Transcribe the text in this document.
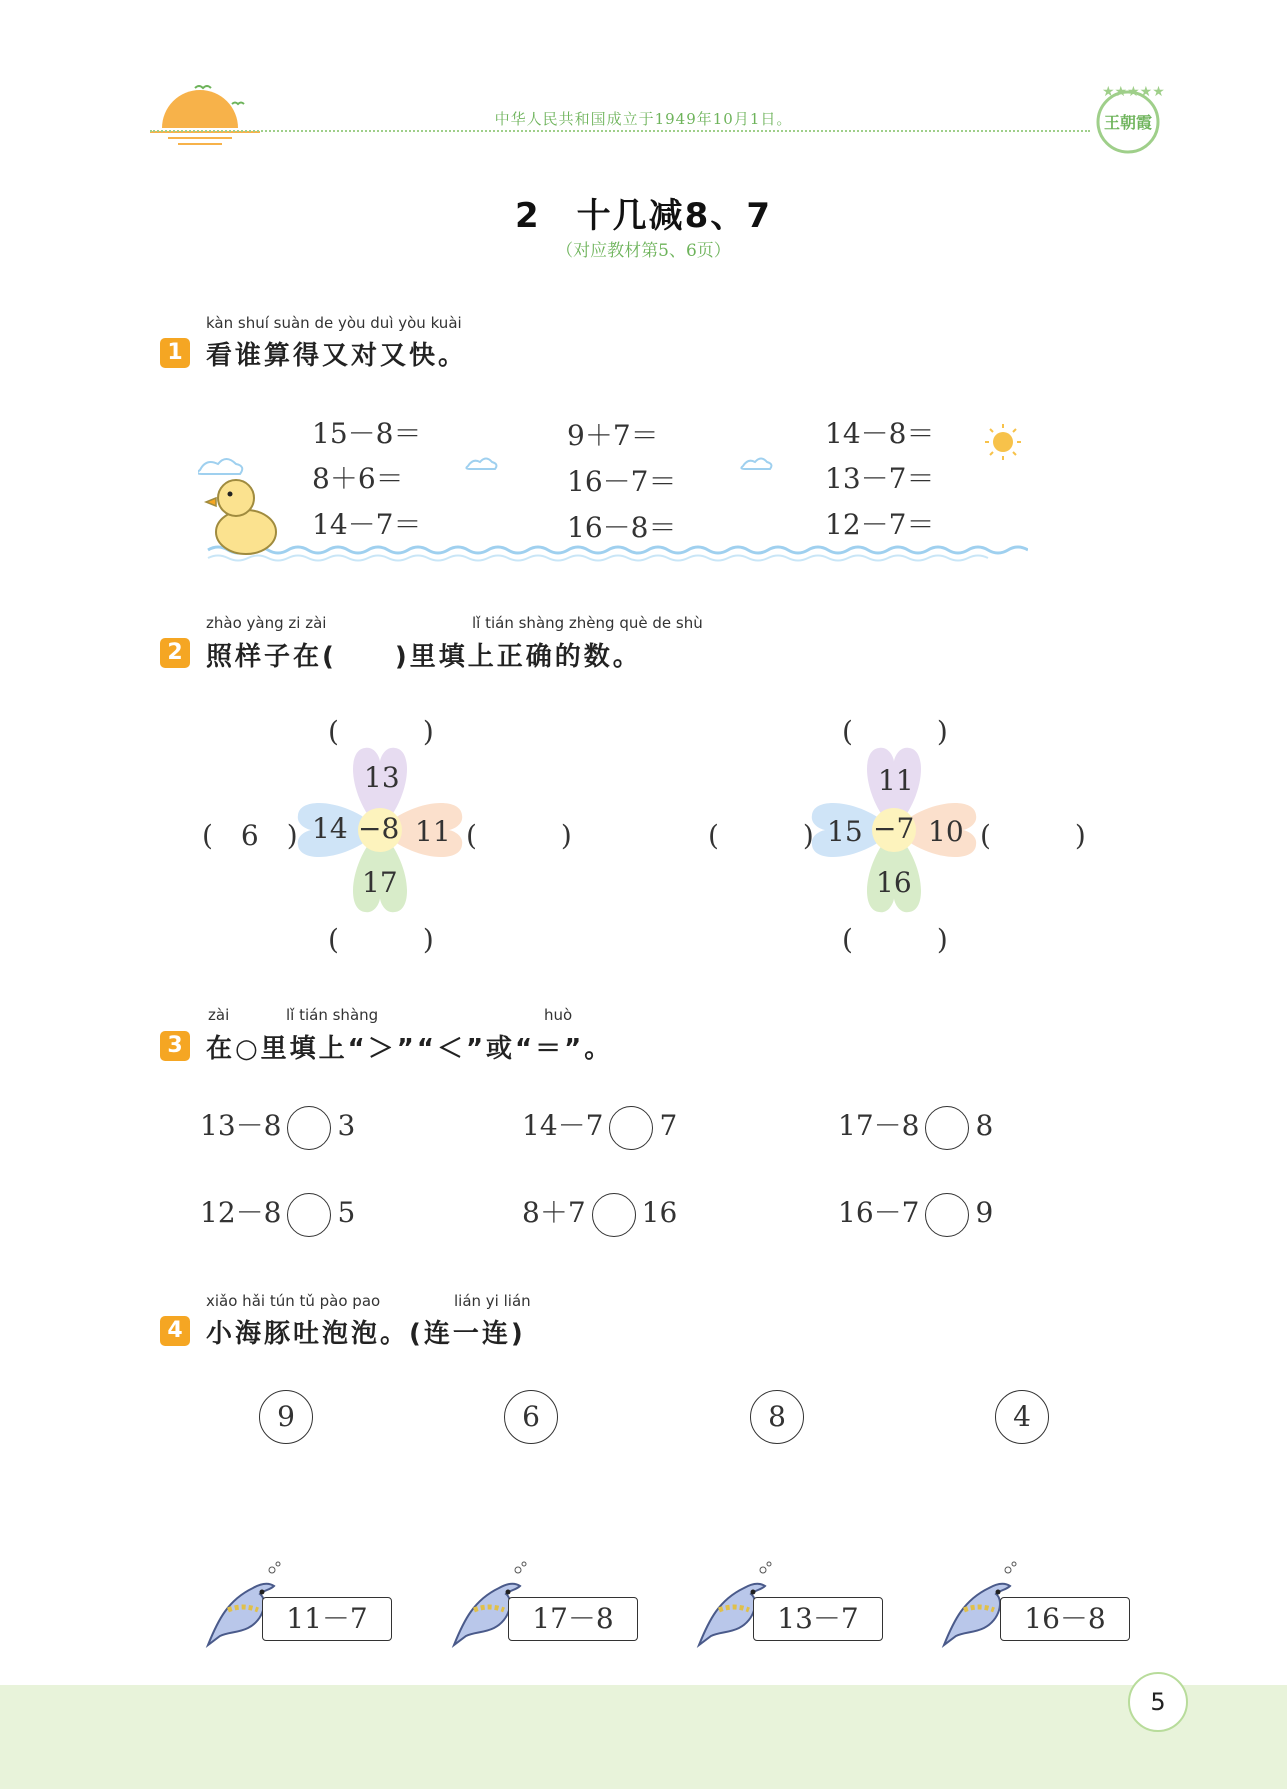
中华人民共和国成立于1949年10月1日。
★★★★★
王朝霞
2　十几减8、7
（对应教材第5、6页）
kàn shuí suàn de yòu duì yòu kuài
1 看谁算得又对又快。
15－8＝
8＋6＝
14－7＝
9＋7＝
16－7＝
16－8＝
14－8＝
13－7＝
12－7＝
zhào yàng zi zài	lǐ tián shàng zhèng què de shù
2 照样子在(　　)里填上正确的数。
13
14 −8 11
17
(　　　)
(　6　)	(　　　)
(　　　)
11
15 −7 10
16
(　　　)
(　　　)	(　　　)
(　　　)
zài	lǐ tián shàng	huò
3 在○里填上“＞”“＜”或“＝”。
13－8 3	14－7 7	17－8 8
12－8 5	8＋7 16	16－7 9
xiǎo hǎi tún tǔ pào pao	lián yi lián
4 小海豚吐泡泡。(连一连)
9	6	8	4
11－7	17－8	13－7	16－8
5
